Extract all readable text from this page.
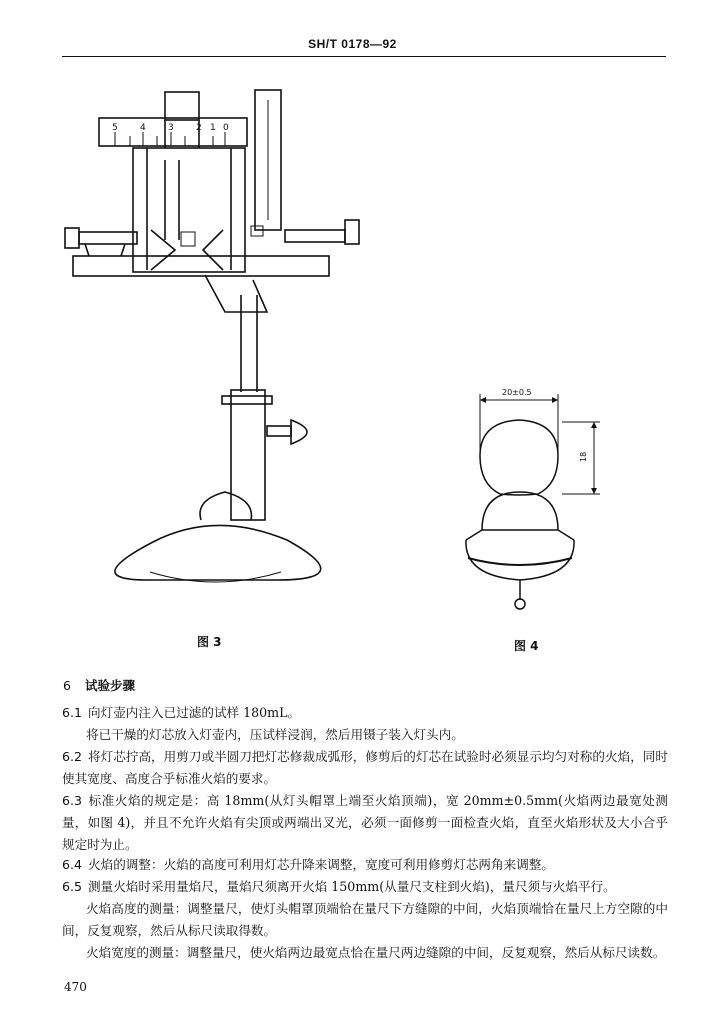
SH/T 0178—92
5 4 3 2 1 0
图 3
20±0.5
18
图 4
6 试验步骤
6.1 向灯壶内注入已过滤的试样 180mL。
将已干燥的灯芯放入灯壶内，压试样浸润，然后用镊子装入灯头内。
6.2 将灯芯拧高，用剪刀或半圆刀把灯芯修裁成弧形，修剪后的灯芯在试验时必须显示均匀对称的火焰，同时使其宽度、高度合乎标准火焰的要求。
6.3 标准火焰的规定是：高 18mm(从灯头帽罩上端至火焰顶端)，宽 20mm±0.5mm(火焰两边最宽处测量，如图 4)，并且不允许火焰有尖顶或两端出叉光，必须一面修剪一面检查火焰，直至火焰形状及大小合乎规定时为止。
6.4 火焰的调整：火焰的高度可利用灯芯升降来调整，宽度可利用修剪灯芯两角来调整。
6.5 测量火焰时采用量焰尺，量焰尺须离开火焰 150mm(从量尺支柱到火焰)，量尺须与火焰平行。
火焰高度的测量：调整量尺，使灯头帽罩顶端恰在量尺下方缝隙的中间，火焰顶端恰在量尺上方空隙的中间，反复观察，然后从标尺读取得数。
火焰宽度的测量：调整量尺，使火焰两边最宽点恰在量尺两边缝隙的中间，反复观察，然后从标尺读数。
470
